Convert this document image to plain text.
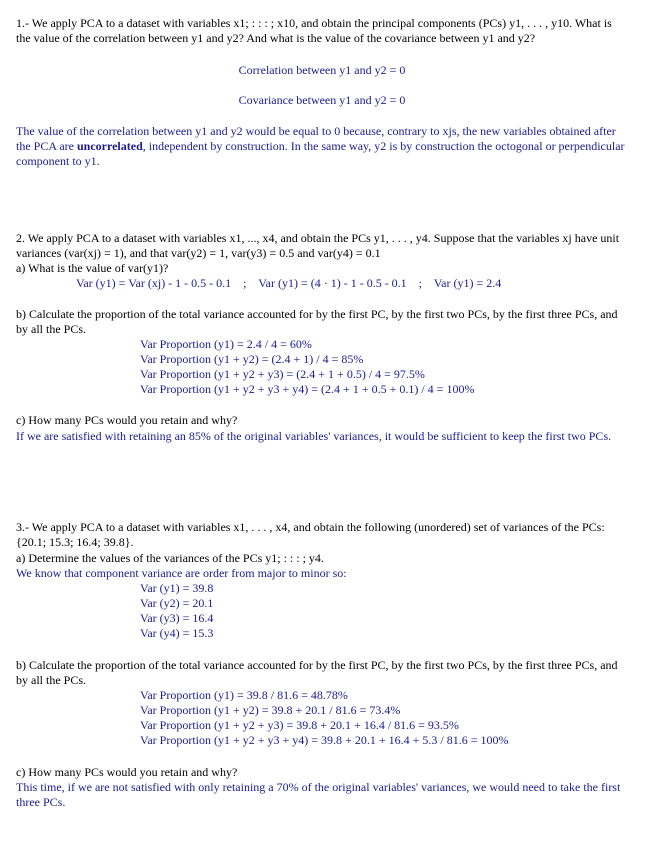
1.- We apply PCA to a dataset with variables x1; : : : ; x10, and obtain the principal components (PCs) y1, . . . , y10. What is the value of the correlation between y1 and y2? And what is the value of the covariance between y1 and y2?

Correlation between y1 and y2 = 0

Covariance between y1 and y2 = 0

The value of the correlation between y1 and y2 would be equal to 0 because, contrary to xjs, the new variables obtained after the PCA are uncorrelated, independent by construction. In the same way, y2 is by construction the octogonal or perpendicular component to y1.

2. We apply PCA to a dataset with variables x1, ..., x4, and obtain the PCs y1, . . . , y4. Suppose that the variables xj have unit variances (var(xj) = 1), and that var(y2) = 1, var(y3) = 0.5 and var(y4) = 0.1

a) What is the value of var(y1)?

Var (y1) = Var (xj) - 1 - 0.5 - 0.1    ;    Var (y1) = (4 · 1) - 1 - 0.5 - 0.1    ;    Var (y1) = 2.4

b) Calculate the proportion of the total variance accounted for by the first PC, by the first two PCs, by the first three PCs, and by all the PCs.

Var Proportion (y1) = 2.4 / 4 = 60%

Var Proportion (y1 + y2) = (2.4 + 1) / 4 = 85%

Var Proportion (y1 + y2 + y3) = (2.4 + 1 + 0.5) / 4 = 97.5%

Var Proportion (y1 + y2 + y3 + y4) = (2.4 + 1 + 0.5 + 0.1) / 4 = 100%

c) How many PCs would you retain and why?

If we are satisfied with retaining an 85% of the original variables' variances, it would be sufficient to keep the first two PCs.

3.- We apply PCA to a dataset with variables x1, . . . , x4, and obtain the following (unordered) set of variances of the PCs: {20.1; 15.3; 16.4; 39.8}.

a) Determine the values of the variances of the PCs y1; : : : ; y4.

We know that component variance are order from major to minor so:

Var (y1) = 39.8

Var (y2) = 20.1

Var (y3) = 16.4

Var (y4) = 15.3

b) Calculate the proportion of the total variance accounted for by the first PC, by the first two PCs, by the first three PCs, and by all the PCs.

Var Proportion (y1) = 39.8 / 81.6 = 48.78%

Var Proportion (y1 + y2) = 39.8 + 20.1 / 81.6 = 73.4%

Var Proportion (y1 + y2 + y3) = 39.8 + 20.1 + 16.4 / 81.6 = 93.5%

Var Proportion (y1 + y2 + y3 + y4) = 39.8 + 20.1 + 16.4 + 5.3 / 81.6 = 100%

c) How many PCs would you retain and why?

This time, if we are not satisfied with only retaining a 70% of the original variables' variances, we would need to take the first three PCs.
